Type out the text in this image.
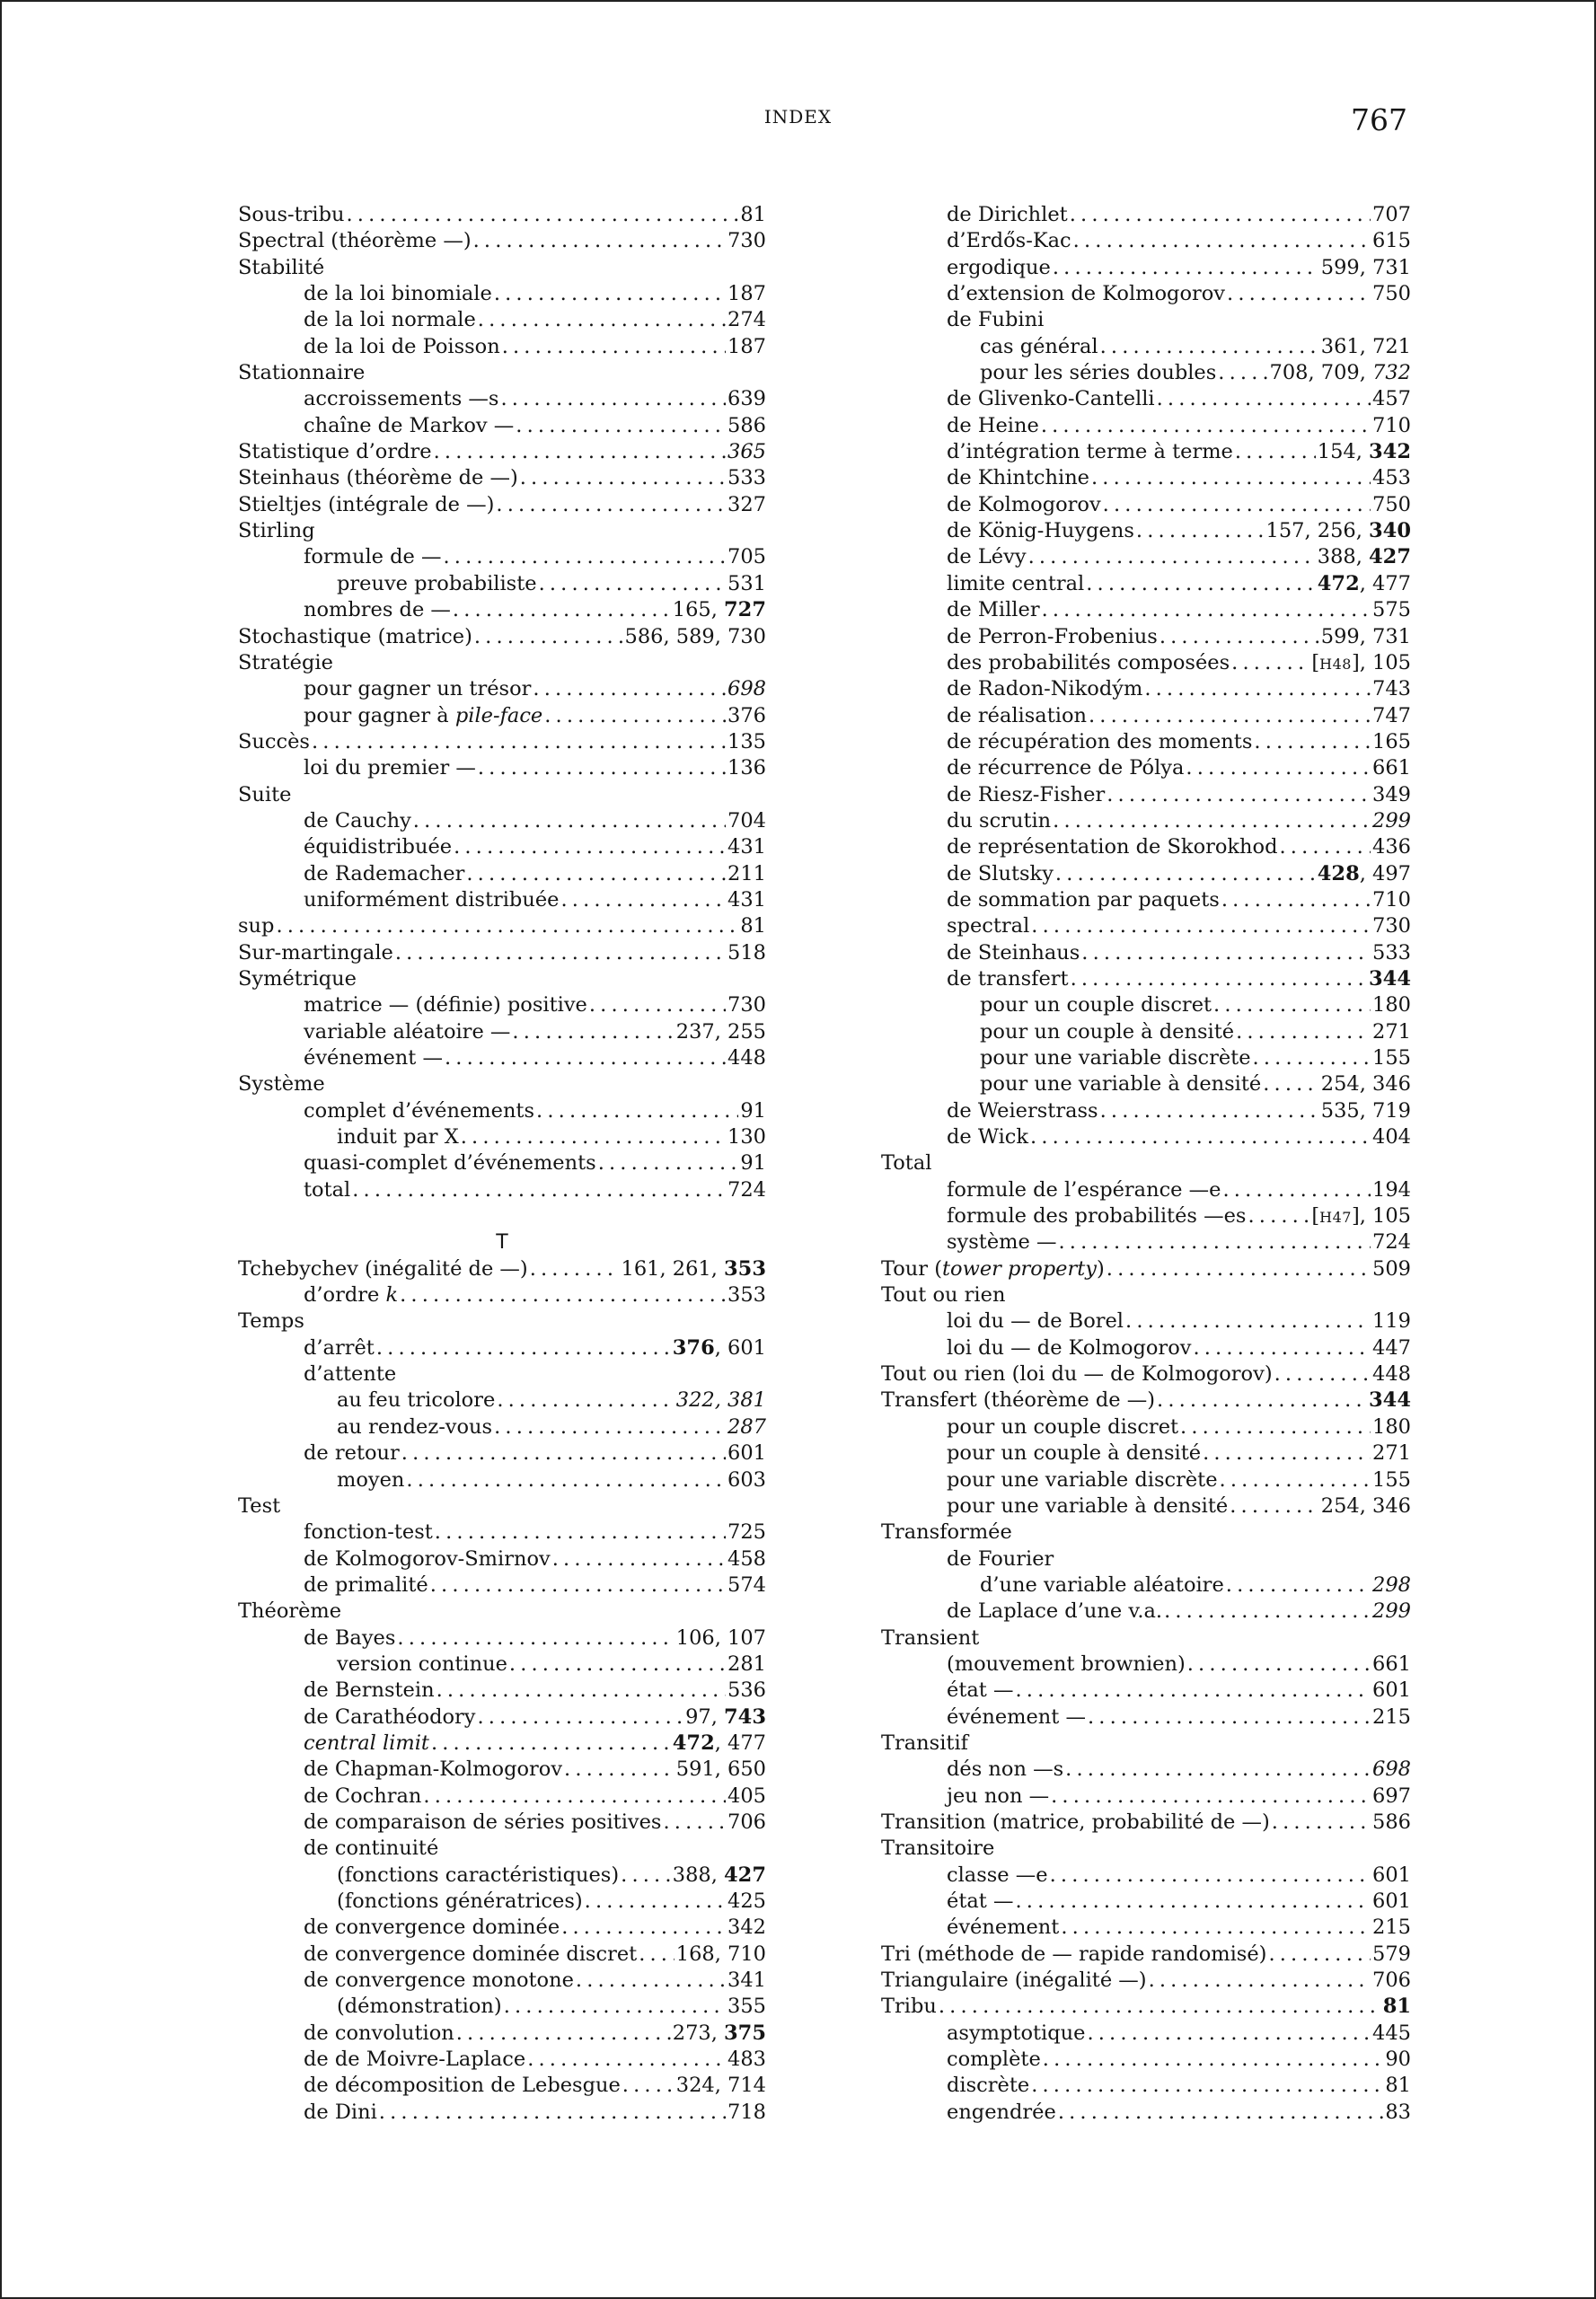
INDEX	767
Sous-tribu . . .	81
Spectral (théorème —) . . .	730
Stabilité
de la loi binomiale . . .	187
de la loi normale . . .	274
de la loi de Poisson . . .	187
Stationnaire
accroissements —s . . .	639
chaîne de Markov — . . .	586
Statistique d’ordre . . .	365
Steinhaus (théorème de —) . . .	533
Stieltjes (intégrale de —) . . .	327
Stirling
formule de — . . .	705
preuve probabiliste . . .	531
nombres de — . . .	165, 727
Stochastique (matrice) . . .	586, 589, 730
Stratégie
pour gagner un trésor . . .	698
pour gagner à pile-face . . .	376
Succès . . .	135
loi du premier — . . .	136
Suite
de Cauchy . . .	704
équidistribuée . . .	431
de Rademacher . . .	211
uniformément distribuée . . .	431
sup . . .	81
Sur-martingale . . .	518
Symétrique
matrice — (définie) positive . . .	730
variable aléatoire — . . .	237, 255
événement — . . .	448
Système
complet d’événements . . .	91
induit par X . . .	130
quasi-complet d’événements . . .	91
total . . .	724
T
Tchebychev (inégalité de —) . . .	161, 261, 353
d’ordre k . . .	353
Temps
d’arrêt . . .	376, 601
d’attente
au feu tricolore . . .	322, 381
au rendez-vous . . .	287
de retour . . .	601
moyen . . .	603
Test
fonction-test . . .	725
de Kolmogorov-Smirnov . . .	458
de primalité . . .	574
Théorème
de Bayes . . .	106, 107
version continue . . .	281
de Bernstein . . .	536
de Carathéodory . . .	97, 743
central limit . . .	472, 477
de Chapman-Kolmogorov . . .	591, 650
de Cochran . . .	405
de comparaison de séries positives . . .	706
de continuité
(fonctions caractéristiques) . . .	388, 427
(fonctions génératrices) . . .	425
de convergence dominée . . .	342
de convergence dominée discret . . . 168, 710
de convergence monotone . . .	341
(démonstration) . . .	355
de convolution . . .	273, 375
de de Moivre-Laplace . . .	483
de décomposition de Lebesgue . . .	324, 714
de Dini . . .	718
de Dirichlet . . .	707
d’Erdős-Kac . . .	615
ergodique . . .	599, 731
d’extension de Kolmogorov . . .	750
de Fubini
cas général . . .	361, 721
pour les séries doubles . . .	708, 709, 732
de Glivenko-Cantelli . . .	457
de Heine . . .	710
d’intégration terme à terme . . .	154, 342
de Khintchine . . .	453
de Kolmogorov . . .	750
de König-Huygens . . .	157, 256, 340
de Lévy . . .	388, 427
limite central . . .	472, 477
de Miller . . .	575
de Perron-Frobenius . . .	599, 731
des probabilités composées . . .	[H48], 105
de Radon-Nikodým . . .	743
de réalisation . . .	747
de récupération des moments . . .	165
de récurrence de Pólya . . .	661
de Riesz-Fisher . . .	349
du scrutin . . .	299
de représentation de Skorokhod . . .	436
de Slutsky . . .	428, 497
de sommation par paquets . . .	710
spectral . . .	730
de Steinhaus . . .	533
de transfert . . .	344
pour un couple discret . . .	180
pour un couple à densité . . .	271
pour une variable discrète . . .	155
pour une variable à densité . . .	254, 346
de Weierstrass . . .	535, 719
de Wick . . .	404
Total
formule de l’espérance —e . . .	194
formule des probabilités —es . . .	[H47], 105
système — . . .	724
Tour (tower property) . . .	509
Tout ou rien
loi du — de Borel . . .	119
loi du — de Kolmogorov . . .	447
Tout ou rien (loi du — de Kolmogorov) . . .	448
Transfert (théorème de —) . . .	344
pour un couple discret . . .	180
pour un couple à densité . . .	271
pour une variable discrète . . .	155
pour une variable à densité . . .	254, 346
Transformée
de Fourier
d’une variable aléatoire . . .	298
de Laplace d’une v.a. . . .	299
Transient
(mouvement brownien) . . .	661
état — . . .	601
événement — . . .	215
Transitif
dés non —s . . .	698
jeu non — . . .	697
Transition (matrice, probabilité de —) . . .	586
Transitoire
classe —e . . .	601
état — . . .	601
événement . . .	215
Tri (méthode de — rapide randomisé) . . .	579
Triangulaire (inégalité —) . . .	706
Tribu . . .	81
asymptotique . . .	445
complète . . .	90
discrète . . .	81
engendrée . . .	83
